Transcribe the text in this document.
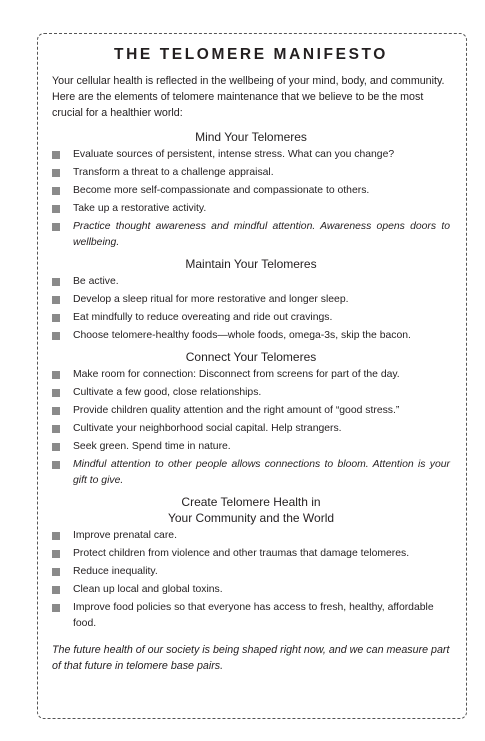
THE TELOMERE MANIFESTO

Your cellular health is reflected in the wellbeing of your mind, body, and community. Here are the elements of telomere maintenance that we believe to be the most crucial for a healthier world:

Mind Your Telomeres
Evaluate sources of persistent, intense stress. What can you change?
Transform a threat to a challenge appraisal.
Become more self-compassionate and compassionate to others.
Take up a restorative activity.
Practice thought awareness and mindful attention. Awareness opens doors to wellbeing.
Maintain Your Telomeres
Be active.
Develop a sleep ritual for more restorative and longer sleep.
Eat mindfully to reduce overeating and ride out cravings.
Choose telomere-healthy foods—whole foods, omega-3s, skip the bacon.
Connect Your Telomeres
Make room for connection: Disconnect from screens for part of the day.
Cultivate a few good, close relationships.
Provide children quality attention and the right amount of “good stress.”
Cultivate your neighborhood social capital. Help strangers.
Seek green. Spend time in nature.
Mindful attention to other people allows connections to bloom. Attention is your gift to give.
Create Telomere Health in
Your Community and the World
Improve prenatal care.
Protect children from violence and other traumas that damage telomeres.
Reduce inequality.
Clean up local and global toxins.
Improve food policies so that everyone has access to fresh, healthy, affordable food.

The future health of our society is being shaped right now, and we can measure part of that future in telomere base pairs.
